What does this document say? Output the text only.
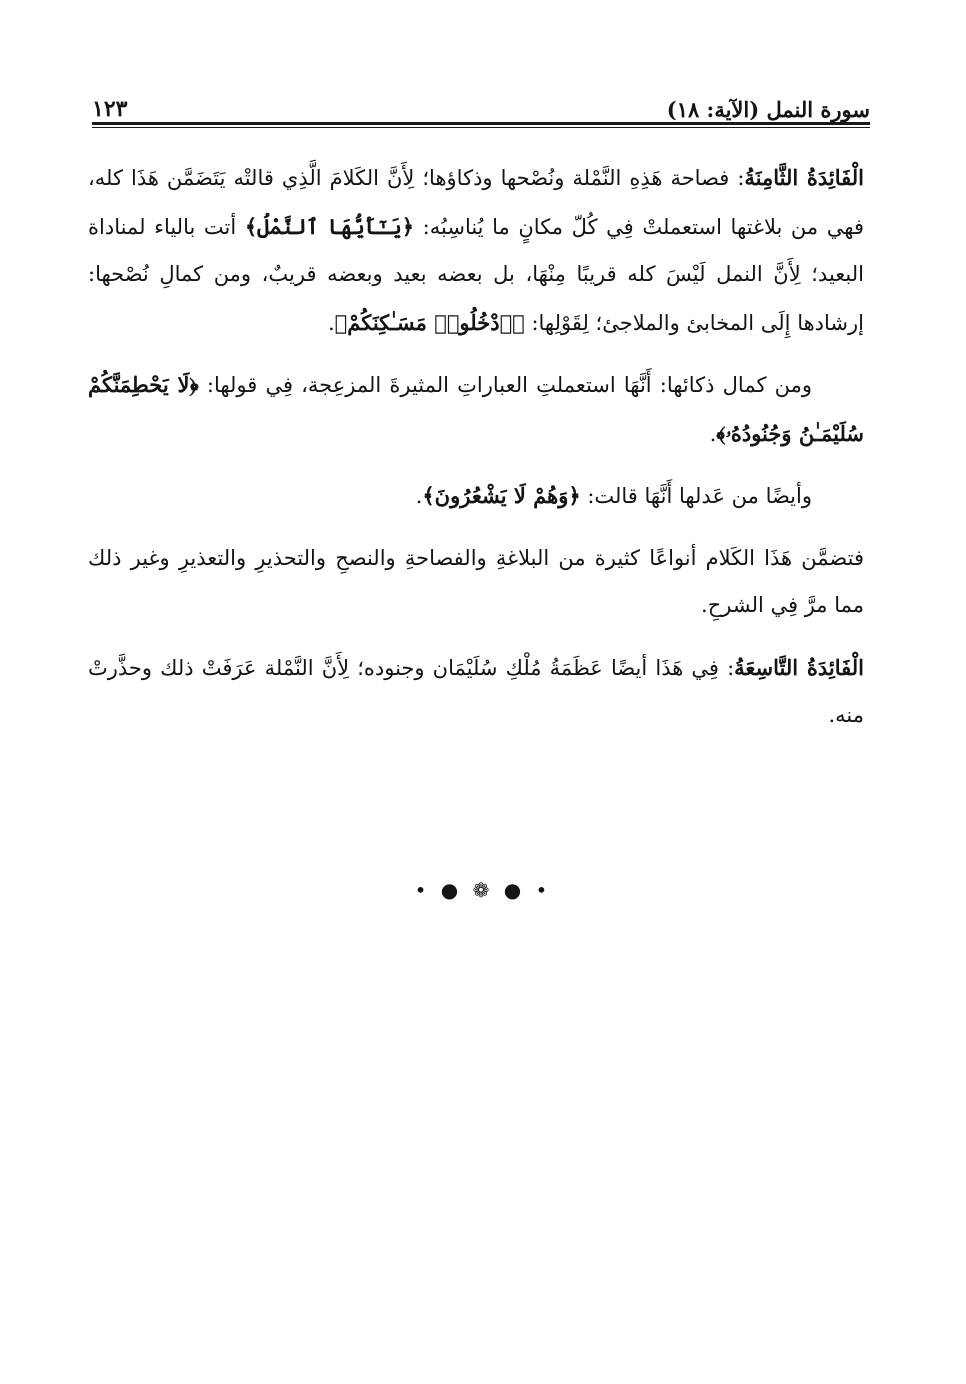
سورة النمل (الآية: ١٨)
١٢٣

الْفَائِدَةُ الثَّامِنَةُ: فصاحة هَذِهِ النَّمْلة ونُصْحها وذكاؤها؛ لِأَنَّ الكَلامَ الَّذِي قالتْه يَتَضَمَّن هَذَا كله، فهي من بلاغتها استعملتْ فِي كُلّ مكانٍ ما يُناسِبُه: ﴿يَـٰٓأَيُّهَا ٱلنَّمْلُ﴾ أتت بالياء لمناداة البعيد؛ لِأَنَّ النمل لَيْسَ كله قريبًا مِنْهَا، بل بعضه بعيد وبعضه قريبٌ، ومن كمالِ نُصْحها: إرشادها إِلَى المخابئ والملاجئ؛ لِقَوْلِها: ﴿ٱدْخُلُوا۟ مَسَـٰكِنَكُمْ﴾.

ومن كمال ذكائها: أَنَّهَا استعملتِ العباراتِ المثيرةَ المزعِجة، فِي قولها: ﴿لَا يَحْطِمَنَّكُمْ سُلَيْمَـٰنُ وَجُنُودُهُۥ﴾.

وأيضًا من عَدلها أَنَّهَا قالت: ﴿وَهُمْ لَا يَشْعُرُونَ﴾.

فتضمَّن هَذَا الكَلام أنواعًا كثيرة من البلاغةِ والفصاحةِ والنصحِ والتحذيرِ والتعذيرِ وغير ذلك مما مرَّ فِي الشرحِ.

الْفَائِدَةُ التَّاسِعَةُ: فِي هَذَا أيضًا عَظَمَةُ مُلْكِ سُلَيْمَان وجنوده؛ لِأَنَّ النَّمْلة عَرَفَتْ ذلك وحذَّرتْ منه.

• ● ❁ ● •
